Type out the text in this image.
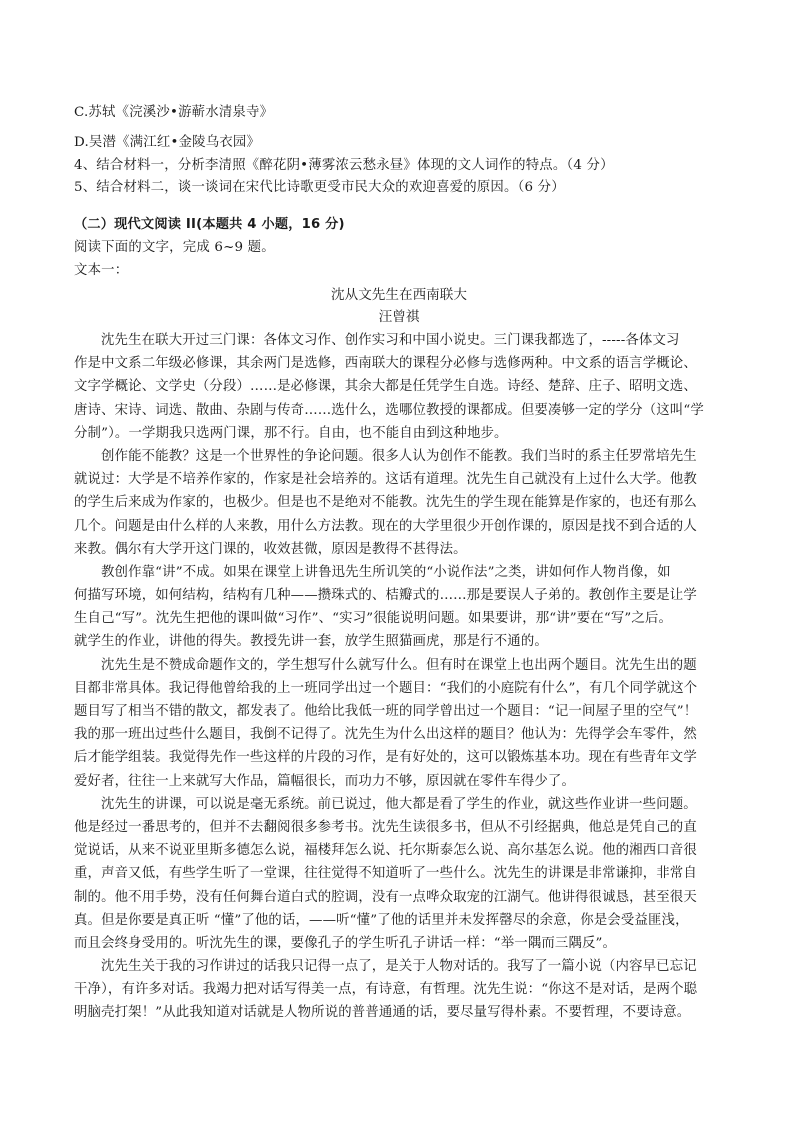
C.苏轼《浣溪沙•游蕲水清泉寺》
D.吴潜《满江红•金陵乌衣园》
4、结合材料一，分析李清照《醉花阴•薄雾浓云愁永昼》体现的文人词作的特点。（4 分）
5、结合材料二，谈一谈词在宋代比诗歌更受市民大众的欢迎喜爱的原因。（6 分）
（二）现代文阅读 II(本题共 4 小题，16 分)
阅读下面的文字，完成 6~9 题。
文本一：
沈从文先生在西南联大
汪曾祺
沈先生在联大开过三门课：各体文习作、创作实习和中国小说史。三门课我都选了，-----各体文习
作是中文系二年级必修课，其余两门是选修，西南联大的课程分必修与选修两种。中文系的语言学概论、
文字学概论、文学史（分段）……是必修课，其余大都是任凭学生自选。诗经、楚辞、庄子、昭明文选、
唐诗、宋诗、词选、散曲、杂剧与传奇……选什么，选哪位教授的课都成。但要凑够一定的学分（这叫“学
分制”）。一学期我只选两门课，那不行。自由，也不能自由到这种地步。
创作能不能教？这是一个世界性的争论问题。很多人认为创作不能教。我们当时的系主任罗常培先生
就说过：大学是不培养作家的，作家是社会培养的。这话有道理。沈先生自己就没有上过什么大学。他教
的学生后来成为作家的，也极少。但是也不是绝对不能教。沈先生的学生现在能算是作家的，也还有那么
几个。问题是由什么样的人来教，用什么方法教。现在的大学里很少开创作课的，原因是找不到合适的人
来教。偶尔有大学开这门课的，收效甚微，原因是教得不甚得法。
教创作靠“讲”不成。如果在课堂上讲鲁迅先生所讥笑的“小说作法”之类，讲如何作人物肖像，如
何描写环境，如何结构，结构有几种——攒珠式的、桔瓣式的……那是要误人子弟的。教创作主要是让学
生自己“写”。沈先生把他的课叫做“习作”、“实习”很能说明问题。如果要讲，那“讲”要在“写”之后。
就学生的作业，讲他的得失。教授先讲一套，放学生照猫画虎，那是行不通的。
沈先生是不赞成命题作文的，学生想写什么就写什么。但有时在课堂上也出两个题目。沈先生出的题
目都非常具体。我记得他曾给我的上一班同学出过一个题目：“我们的小庭院有什么”，有几个同学就这个
题目写了相当不错的散文，都发表了。他给比我低一班的同学曾出过一个题目：“记一间屋子里的空气”！
我的那一班出过些什么题目，我倒不记得了。沈先生为什么出这样的题目？他认为：先得学会车零件，然
后才能学组装。我觉得先作一些这样的片段的习作，是有好处的，这可以锻炼基本功。现在有些青年文学
爱好者，往往一上来就写大作品，篇幅很长，而功力不够，原因就在零件车得少了。
沈先生的讲课，可以说是毫无系统。前已说过，他大都是看了学生的作业，就这些作业讲一些问题。
他是经过一番思考的，但并不去翻阅很多参考书。沈先生读很多书，但从不引经据典，他总是凭自己的直
觉说话，从来不说亚里斯多德怎么说，福楼拜怎么说、托尔斯泰怎么说、高尔基怎么说。他的湘西口音很
重，声音又低，有些学生听了一堂课，往往觉得不知道听了一些什么。沈先生的讲课是非常谦抑，非常自
制的。他不用手势，没有任何舞台道白式的腔调，没有一点哗众取宠的江湖气。他讲得很诚恳，甚至很天
真。但是你要是真正听 “懂”了他的话，——听“懂”了他的话里并未发挥罄尽的余意，你是会受益匪浅，
而且会终身受用的。听沈先生的课，要像孔子的学生听孔子讲话一样：“举一隅而三隅反”。
沈先生关于我的习作讲过的话我只记得一点了，是关于人物对话的。我写了一篇小说（内容早已忘记
干净），有许多对话。我竭力把对话写得美一点，有诗意，有哲理。沈先生说：“你这不是对话，是两个聪
明脑壳打架！”从此我知道对话就是人物所说的普普通通的话，要尽量写得朴素。不要哲理，不要诗意。
